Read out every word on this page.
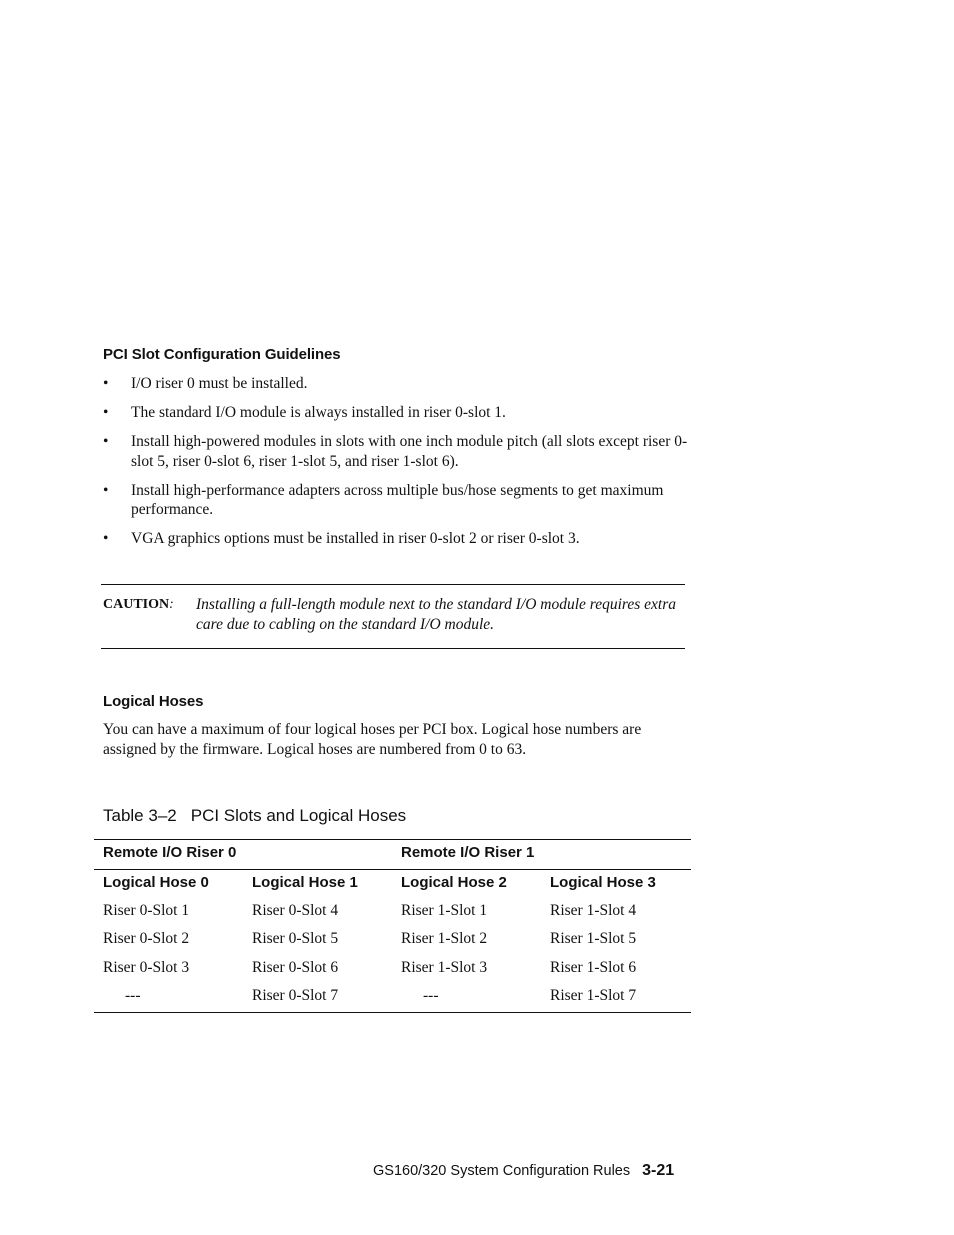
PCI Slot Configuration Guidelines
• I/O riser 0 must be installed.
• The standard I/O module is always installed in riser 0-slot 1.
• Install high-powered modules in slots with one inch module pitch (all slots except riser 0-slot 5, riser 0-slot 6, riser 1-slot 5, and riser 1-slot 6).
• Install high-performance adapters across multiple bus/hose segments to get maximum performance.
• VGA graphics options must be installed in riser 0-slot 2 or riser 0-slot 3.
CAUTION: Installing a full-length module next to the standard I/O module requires extra care due to cabling on the standard I/O module.
Logical Hoses
You can have a maximum of four logical hoses per PCI box. Logical hose numbers are assigned by the firmware. Logical hoses are numbered from 0 to 63.
Table 3–2 PCI Slots and Logical Hoses
Remote I/O Riser 0	Remote I/O Riser 1
Logical Hose 0	Logical Hose 1	Logical Hose 2	Logical Hose 3
Riser 0-Slot 1	Riser 0-Slot 4	Riser 1-Slot 1	Riser 1-Slot 4
Riser 0-Slot 2	Riser 0-Slot 5	Riser 1-Slot 2	Riser 1-Slot 5
Riser 0-Slot 3	Riser 0-Slot 6	Riser 1-Slot 3	Riser 1-Slot 6
---	Riser 0-Slot 7	---	Riser 1-Slot 7
GS160/320 System Configuration Rules 3-21
